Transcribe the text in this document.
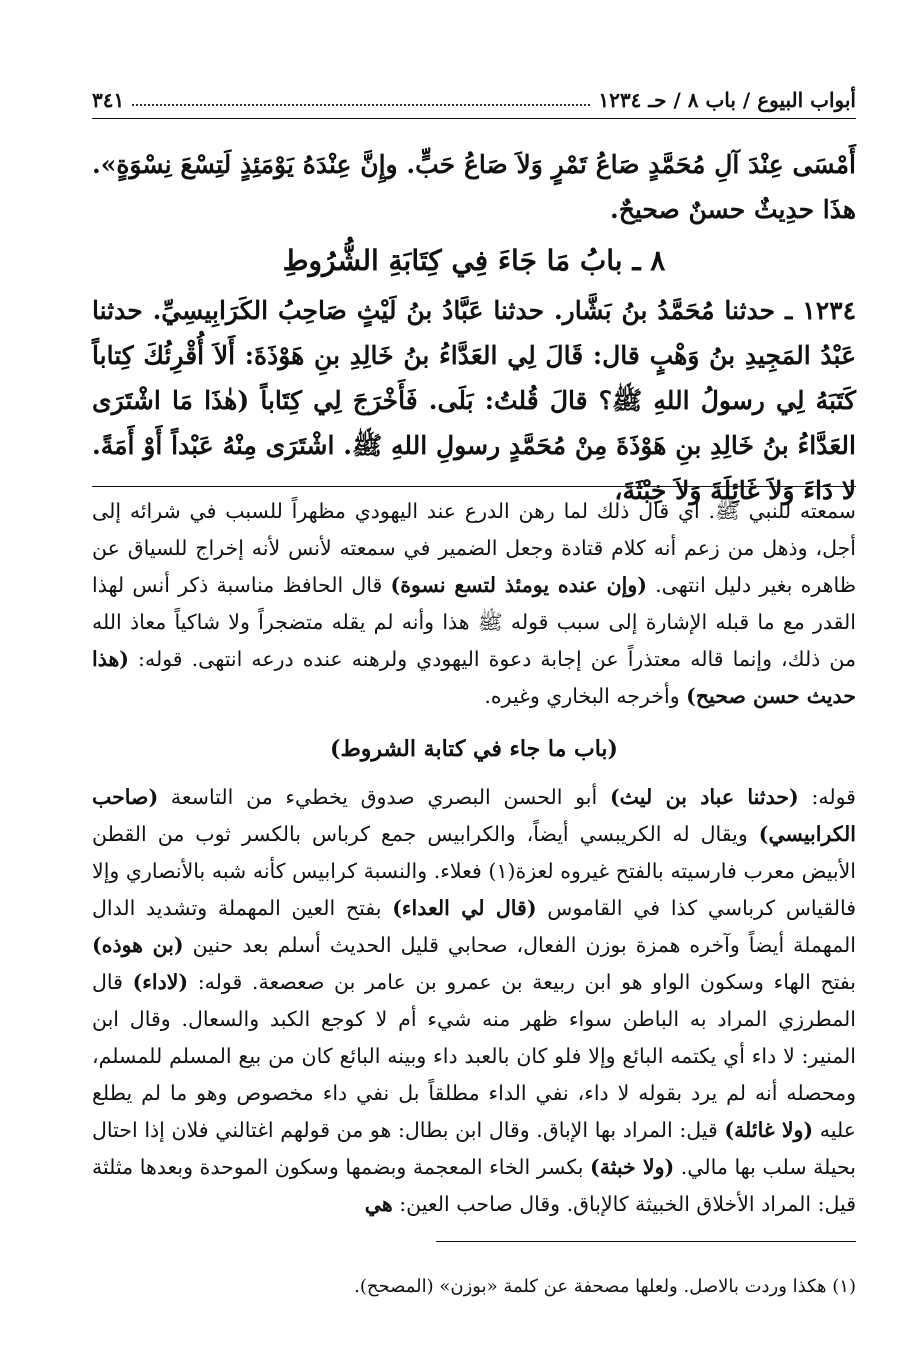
أبواب البيوع / باب ٨ / حـ ١٢٣٤
٣٤١

أَمْسَى عِنْدَ آلِ مُحَمَّدٍ صَاعُ تَمْرٍ وَلاَ صَاعُ حَبٍّ. وإِنَّ عِنْدَهُ يَوْمَئِذٍ لَتِسْعَ نِسْوَةٍ». هذَا حدِيثٌ حسنٌ صحيحٌ.

٨ ـ بابُ مَا جَاءَ فِي كِتَابَةِ الشُّرُوطِ

١٢٣٤ ـ حدثنا مُحَمَّدُ بنُ بَشَّار. حدثنا عَبَّادُ بنُ لَيْثٍ صَاحِبُ الكَرَابِيسِيِّ. حدثنا عَبْدُ المَجِيدِ بنُ وَهْبٍ قال: قَالَ لِي العَدَّاءُ بنُ خَالِدِ بنِ هَوْذَةَ: أَلاَ أُقْرِئُكَ كِتاباً كَتَبَهُ لِي رسولُ اللهِ ﷺ؟ قالَ قُلتُ: بَلَى. فَأَخْرَجَ لِي كِتَاباً (هٰذَا مَا اشْتَرَى العَدَّاءُ بنُ خَالِدِ بنِ هَوْذَةَ مِنْ مُحَمَّدٍ رسولِ اللهِ ﷺ. اشْتَرَى مِنْهُ عَبْداً أَوْ أَمَةً. لا دَاءَ وَلاَ غَائِلَةَ وَلاَ خِبْثَةَ،

سمعته للنبي ﷺ. أي قال ذلك لما رهن الدرع عند اليهودي مظهراً للسبب في شرائه إلى أجل، وذهل من زعم أنه كلام قتادة وجعل الضمير في سمعته لأنس لأنه إخراج للسياق عن ظاهره بغير دليل انتهى. (وإن عنده يومئذ لتسع نسوة) قال الحافظ مناسبة ذكر أنس لهذا القدر مع ما قبله الإشارة إلى سبب قوله ﷺ هذا وأنه لم يقله متضجراً ولا شاكياً معاذ الله من ذلك، وإنما قاله معتذراً عن إجابة دعوة اليهودي ولرهنه عنده درعه انتهى. قوله: (هذا حديث حسن صحيح) وأخرجه البخاري وغيره.

(باب ما جاء في كتابة الشروط)

قوله: (حدثنا عباد بن ليث) أبو الحسن البصري صدوق يخطيء من التاسعة (صاحب الكرابيسي) ويقال له الكريبسي أيضاً، والكرابيس جمع كرباس بالكسر ثوب من القطن الأبيض معرب فارسيته بالفتح غيروه لعزة(١) فعلاء. والنسبة كرابيس كأنه شبه بالأنصاري وإلا فالقياس كرباسي كذا في القاموس (قال لي العداء) بفتح العين المهملة وتشديد الدال المهملة أيضاً وآخره همزة بوزن الفعال، صحابي قليل الحديث أسلم بعد حنين (بن هوذه) بفتح الهاء وسكون الواو هو ابن ربيعة بن عمرو بن عامر بن صعصعة. قوله: (لاداء) قال المطرزي المراد به الباطن سواء ظهر منه شيء أم لا كوجع الكبد والسعال. وقال ابن المنير: لا داء أي يكتمه البائع وإلا فلو كان بالعبد داء وبينه البائع كان من بيع المسلم للمسلم، ومحصله أنه لم يرد بقوله لا داء، نفي الداء مطلقاً بل نفي داء مخصوص وهو ما لم يطلع عليه (ولا غائلة) قيل: المراد بها الإباق. وقال ابن بطال: هو من قولهم اغتالني فلان إذا احتال بحيلة سلب بها مالي. (ولا خبثة) بكسر الخاء المعجمة وبضمها وسكون الموحدة وبعدها مثلثة قيل: المراد الأخلاق الخبيثة كالإباق. وقال صاحب العين: هي

(١) هكذا وردت بالاصل. ولعلها مصحفة عن كلمة «بوزن» (المصحح).
